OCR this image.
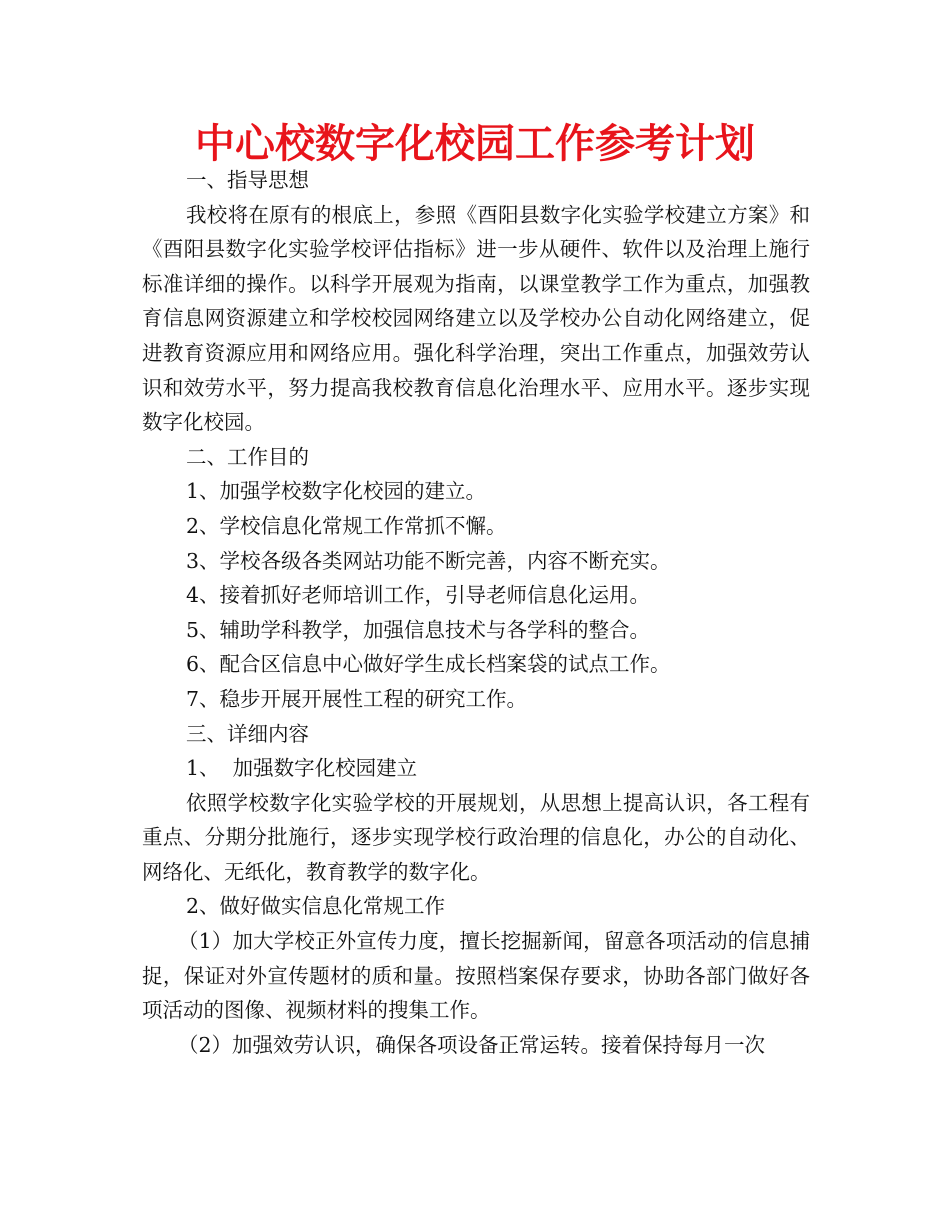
中心校数字化校园工作参考计划

一、指导思想

我校将在原有的根底上，参照《酉阳县数字化实验学校建立方案》和《酉阳县数字化实验学校评估指标》进一步从硬件、软件以及治理上施行标准详细的操作。以科学开展观为指南，以课堂教学工作为重点，加强教育信息网资源建立和学校校园网络建立以及学校办公自动化网络建立，促进教育资源应用和网络应用。强化科学治理，突出工作重点，加强效劳认识和效劳水平，努力提高我校教育信息化治理水平、应用水平。逐步实现数字化校园。

二、工作目的

1、加强学校数字化校园的建立。

2、学校信息化常规工作常抓不懈。

3、学校各级各类网站功能不断完善，内容不断充实。

4、接着抓好老师培训工作，引导老师信息化运用。

5、辅助学科教学，加强信息技术与各学科的整合。

6、配合区信息中心做好学生成长档案袋的试点工作。

7、稳步开展开展性工程的研究工作。

三、详细内容

1、  加强数字化校园建立

依照学校数字化实验学校的开展规划，从思想上提高认识，各工程有重点、分期分批施行，逐步实现学校行政治理的信息化，办公的自动化、网络化、无纸化，教育教学的数字化。

2、做好做实信息化常规工作

（1）加大学校正外宣传力度，擅长挖掘新闻，留意各项活动的信息捕捉，保证对外宣传题材的质和量。按照档案保存要求，协助各部门做好各项活动的图像、视频材料的搜集工作。

（2）加强效劳认识，确保各项设备正常运转。接着保持每月一次
